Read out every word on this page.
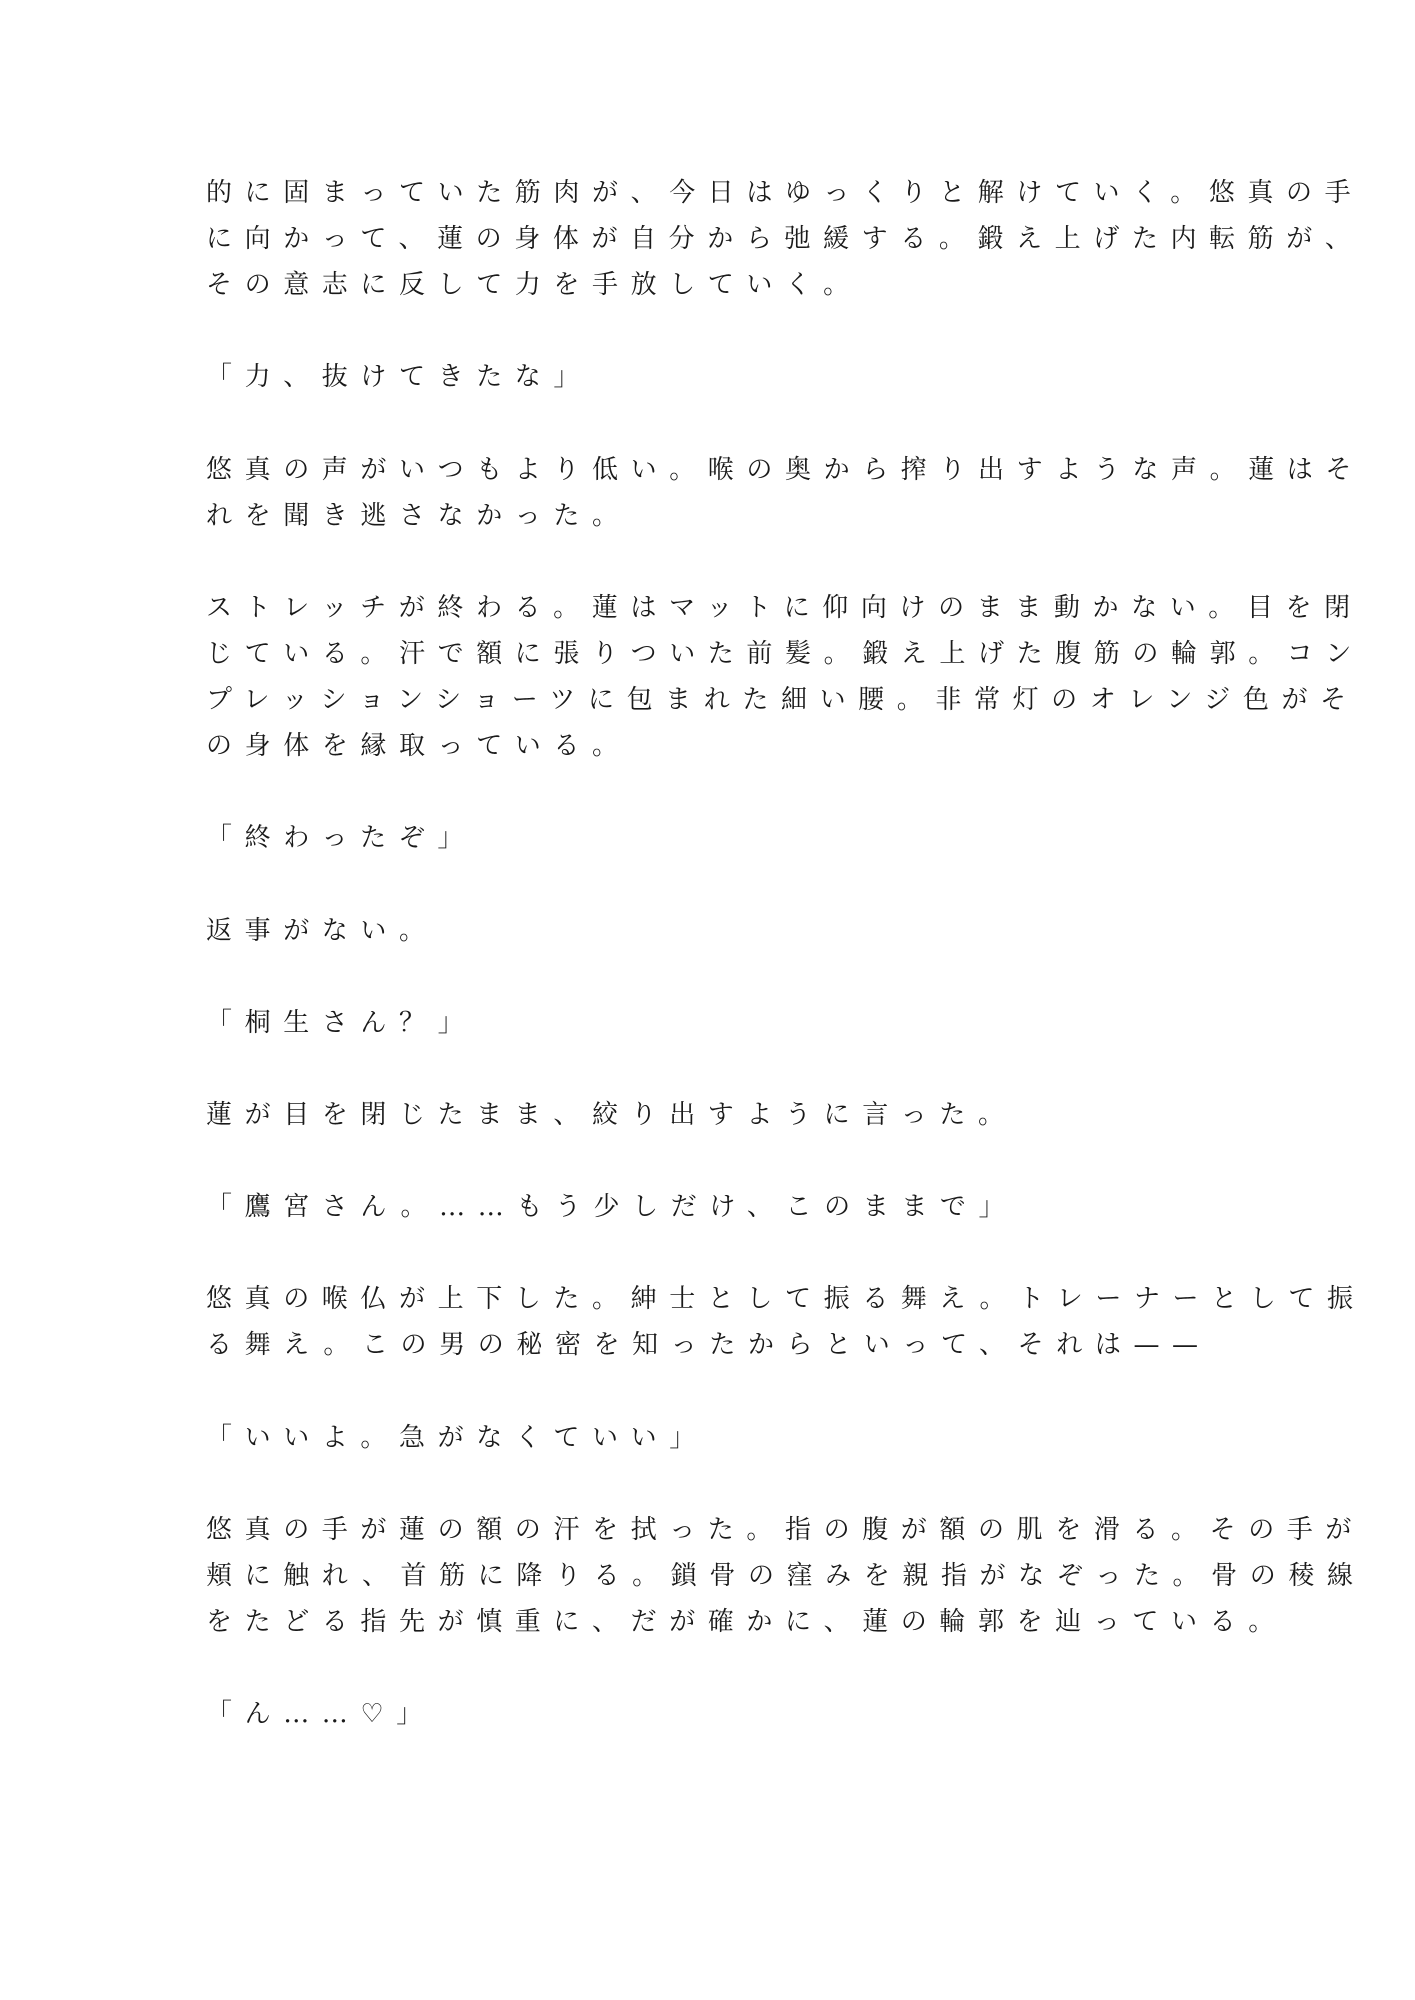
的に固まっていた筋肉が、今日はゆっくりと解けていく。悠真の手
に向かって、蓮の身体が自分から弛緩する。鍛え上げた内転筋が、
その意志に反して力を手放していく。
「力、抜けてきたな」
悠真の声がいつもより低い。喉の奥から搾り出すような声。蓮はそ
れを聞き逃さなかった。
ストレッチが終わる。蓮はマットに仰向けのまま動かない。目を閉
じている。汗で額に張りついた前髪。鍛え上げた腹筋の輪郭。コン
プレッションショーツに包まれた細い腰。非常灯のオレンジ色がそ
の身体を縁取っている。
「終わったぞ」
返事がない。
「桐生さん？」
蓮が目を閉じたまま、絞り出すように言った。
「鷹宮さん。……もう少しだけ、このままで」
悠真の喉仏が上下した。紳士として振る舞え。トレーナーとして振
る舞え。この男の秘密を知ったからといって、それは——
「いいよ。急がなくていい」
悠真の手が蓮の額の汗を拭った。指の腹が額の肌を滑る。その手が
頬に触れ、首筋に降りる。鎖骨の窪みを親指がなぞった。骨の稜線
をたどる指先が慎重に、だが確かに、蓮の輪郭を辿っている。
「ん……♡」
